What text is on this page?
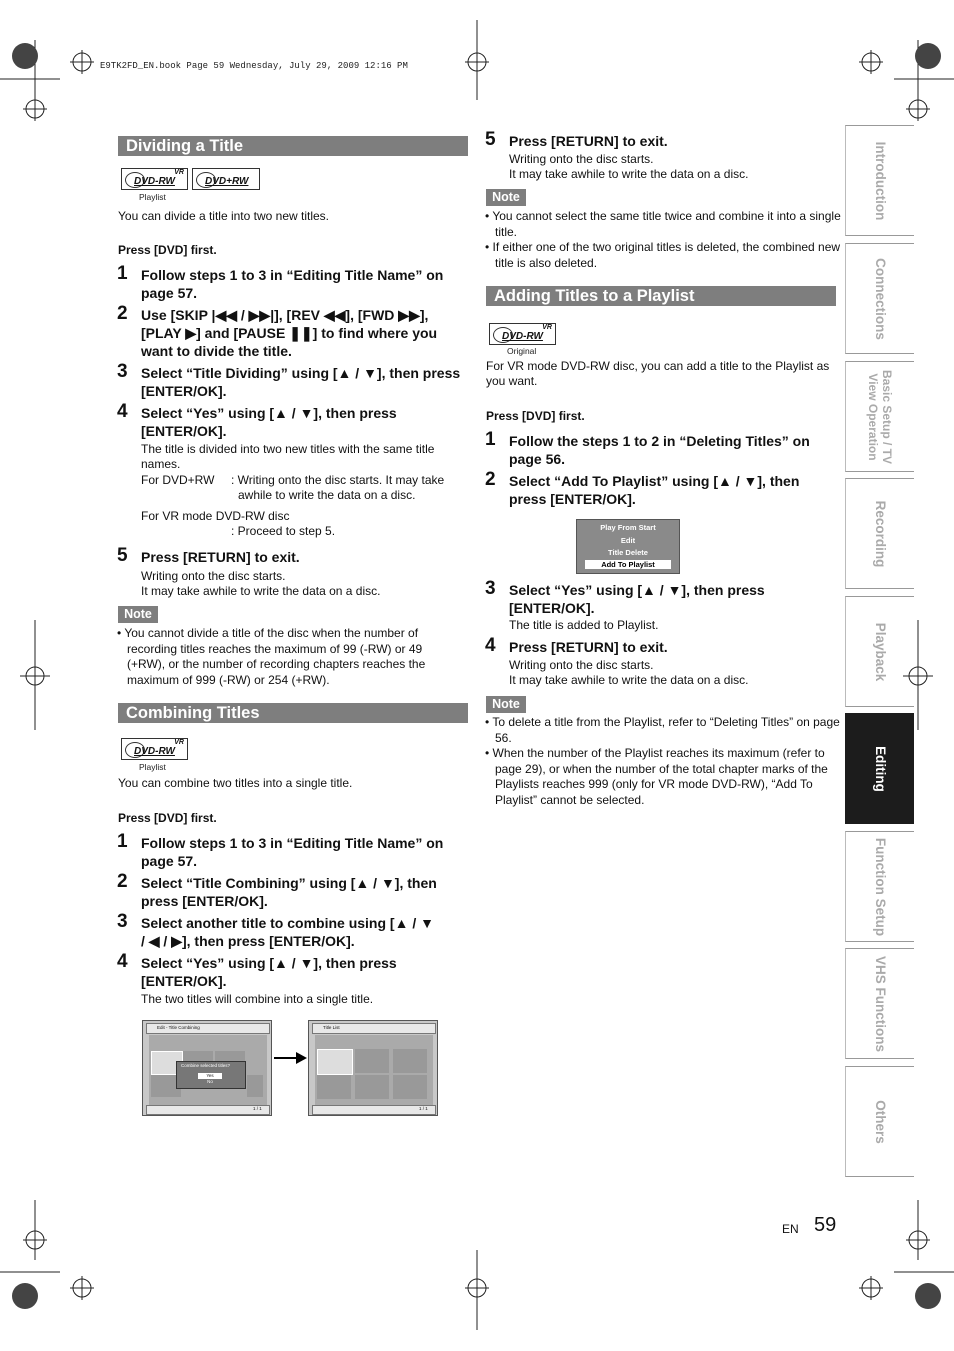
E9TK2FD_EN.book Page 59 Wednesday, July 29, 2009 12:16 PM
Dividing a Title
VR
DVD-RW	DVD+RW
Playlist
You can divide a title into two new titles.
Press [DVD] first.
1 Follow steps 1 to 3 in “Editing Title Name” on page 57.
2 Use [SKIP |◀◀ / ▶▶|], [REV ◀◀], [FWD ▶▶], [PLAY ▶] and [PAUSE ❚❚] to find where you want to divide the title.
3 Select “Title Dividing” using [▲ / ▼], then press [ENTER/OK].
4 Select “Yes” using [▲ / ▼], then press [ENTER/OK].
The title is divided into two new titles with the same title names.
For DVD+RW : Writing onto the disc starts. It may take awhile to write the data on a disc.
For VR mode DVD-RW disc
: Proceed to step 5.
5 Press [RETURN] to exit.
Writing onto the disc starts.
It may take awhile to write the data on a disc.
Note
• You cannot divide a title of the disc when the number of recording titles reaches the maximum of 99 (-RW) or 49 (+RW), or the number of recording chapters reaches the maximum of 999 (-RW) or 254 (+RW).
Combining Titles
VR
DVD-RW
Playlist
You can combine two titles into a single title.
Press [DVD] first.
1 Follow steps 1 to 3 in “Editing Title Name” on page 57.
2 Select “Title Combining” using [▲ / ▼], then press [ENTER/OK].
3 Select another title to combine using [▲ / ▼ / ◀ / ▶], then press [ENTER/OK].
4 Select “Yes” using [▲ / ▼], then press [ENTER/OK].
The two titles will combine into a single title.
Edit - Title Combining
Combine selected titles?
Yes
No
1 / 1
Title List
1 / 1
5 Press [RETURN] to exit.
Writing onto the disc starts.
It may take awhile to write the data on a disc.
Note
• You cannot select the same title twice and combine it into a single title.
• If either one of the two original titles is deleted, the combined new title is also deleted.
Adding Titles to a Playlist
VR
DVD-RW
Original
For VR mode DVD-RW disc, you can add a title to the Playlist as you want.
Press [DVD] first.
1 Follow the steps 1 to 2 in “Deleting Titles” on page 56.
2 Select “Add To Playlist” using [▲ / ▼], then press [ENTER/OK].
Play From Start
Edit
Title Delete
Add To Playlist
3 Select “Yes” using [▲ / ▼], then press [ENTER/OK].
The title is added to Playlist.
4 Press [RETURN] to exit.
Writing onto the disc starts.
It may take awhile to write the data on a disc.
Note
• To delete a title from the Playlist, refer to “Deleting Titles” on page 56.
• When the number of the Playlist reaches its maximum (refer to page 29), or when the number of the total chapter marks of the Playlists reaches 999 (only for VR mode DVD-RW), “Add To Playlist” cannot be selected.
Introduction
Connections
Basic Setup / TV View Operation
Recording
Playback
Editing
Function Setup
VHS Functions
Others
EN 59
